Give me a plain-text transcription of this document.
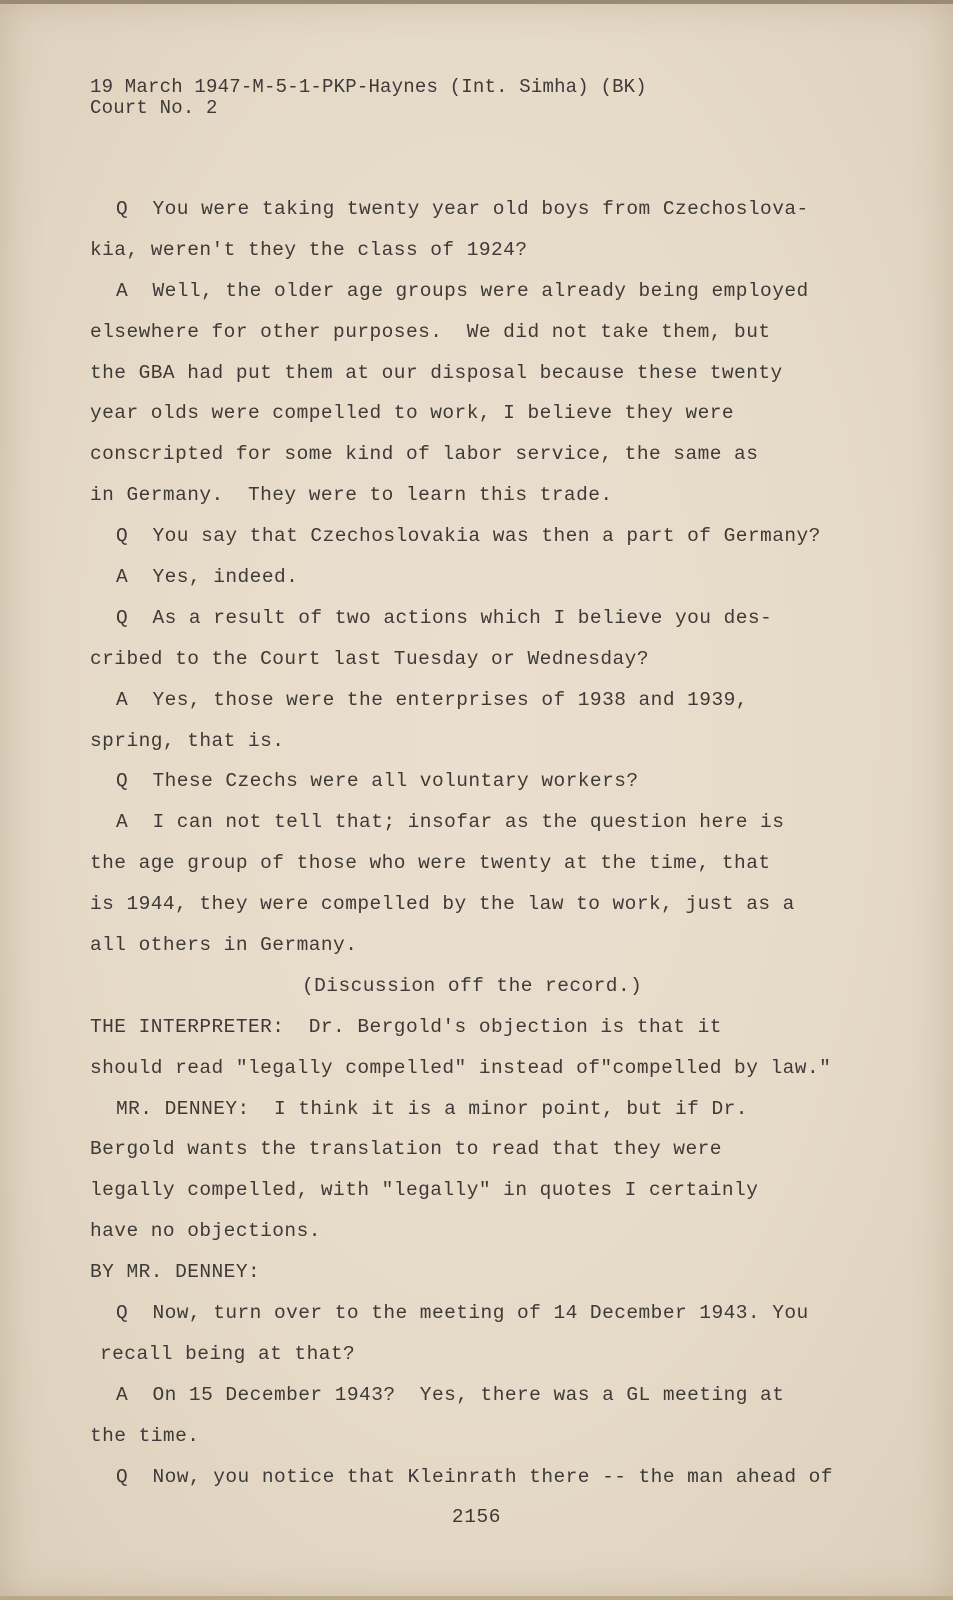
19 March 1947-M-5-1-PKP-Haynes (Int. Simha) (BK)
Court No. 2
Q  You were taking twenty year old boys from Czechoslova-
kia, weren't they the class of 1924?
A  Well, the older age groups were already being employed
elsewhere for other purposes.  We did not take them, but
the GBA had put them at our disposal because these twenty
year olds were compelled to work, I believe they were
conscripted for some kind of labor service, the same as
in Germany.  They were to learn this trade.
Q  You say that Czechoslovakia was then a part of Germany?
A  Yes, indeed.
Q  As a result of two actions which I believe you des-
cribed to the Court last Tuesday or Wednesday?
A  Yes, those were the enterprises of 1938 and 1939,
spring, that is.
Q  These Czechs were all voluntary workers?
A  I can not tell that; insofar as the question here is
the age group of those who were twenty at the time, that
is 1944, they were compelled by the law to work, just as a
all others in Germany.
(Discussion off the record.)
THE INTERPRETER:  Dr. Bergold's objection is that it
should read "legally compelled" instead of"compelled by law."
MR. DENNEY:  I think it is a minor point, but if Dr.
Bergold wants the translation to read that they were
legally compelled, with "legally" in quotes I certainly
have no objections.
BY MR. DENNEY:
Q  Now, turn over to the meeting of 14 December 1943. You
recall being at that?
A  On 15 December 1943?  Yes, there was a GL meeting at
the time.
Q  Now, you notice that Kleinrath there -- the man ahead of
2156
